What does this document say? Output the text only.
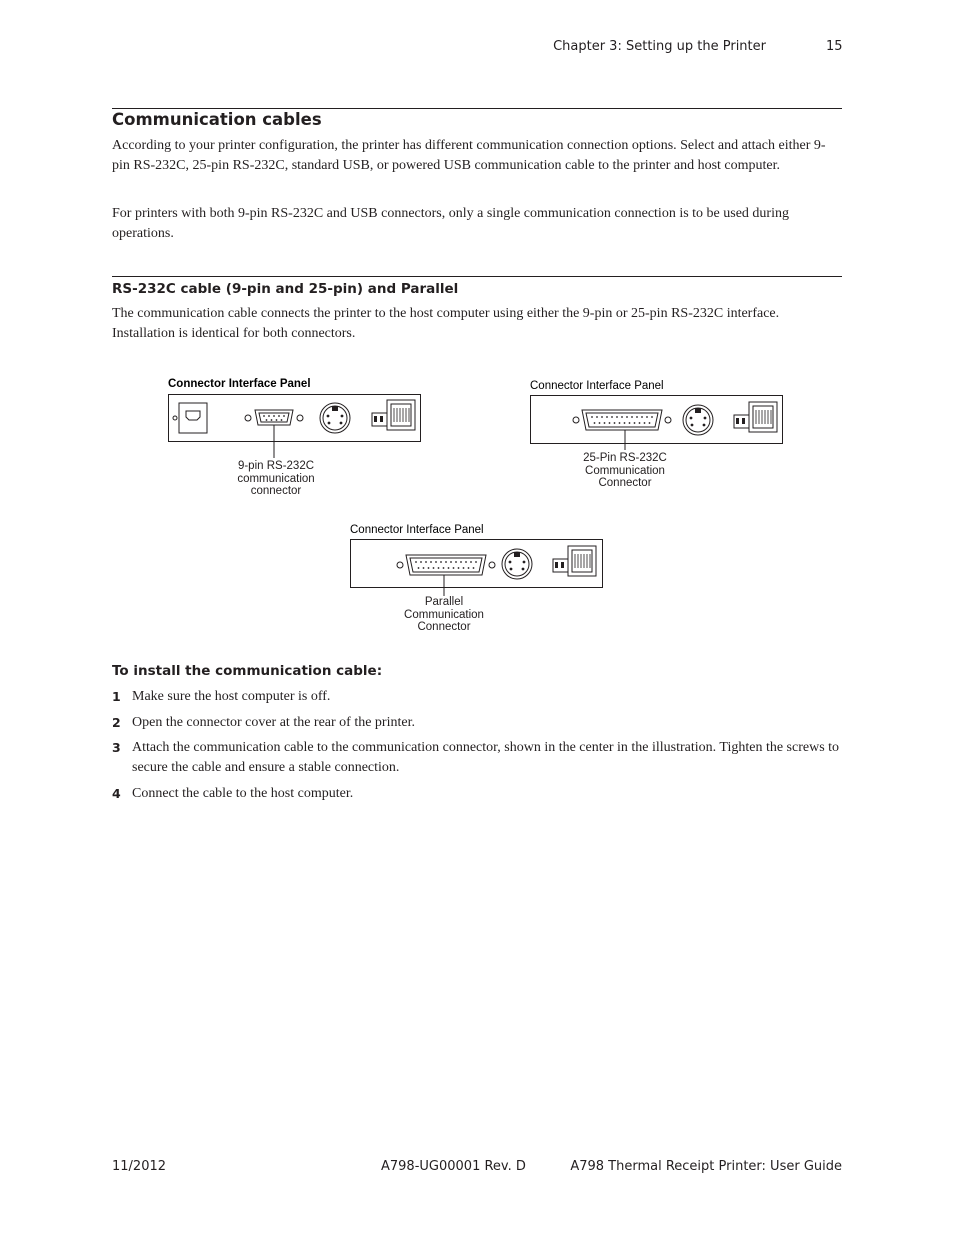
Chapter 3: Setting up the Printer	15
Communication cables

According to your printer configuration, the printer has different communication connection options. Select and attach either 9-pin RS-232C, 25-pin RS-232C, standard USB, or powered USB communication cable to the printer and host computer.

For printers with both 9-pin RS-232C and USB connectors, only a single communication connection is to be used during operations.

RS-232C cable (9-pin and 25-pin) and Parallel

The communication cable connects the printer to the host computer using either the 9-pin or 25-pin RS-232C interface. Installation is identical for both connectors.

Connector Interface Panel
9-pin RS-232C
communication
connector
Connector Interface Panel
25-Pin RS-232C
Communication
Connector
Connector Interface Panel
Parallel
Communication
Connector
To install the communication cable:
1 Make sure the host computer is off.
2 Open the connector cover at the rear of the printer.
3 Attach the communication cable to the communication connector, shown in the center in the illustration. Tighten the screws to secure the cable and ensure a stable connection.
4 Connect the cable to the host computer.
11/2012	A798-UG00001 Rev. D	A798 Thermal Receipt Printer: User Guide
